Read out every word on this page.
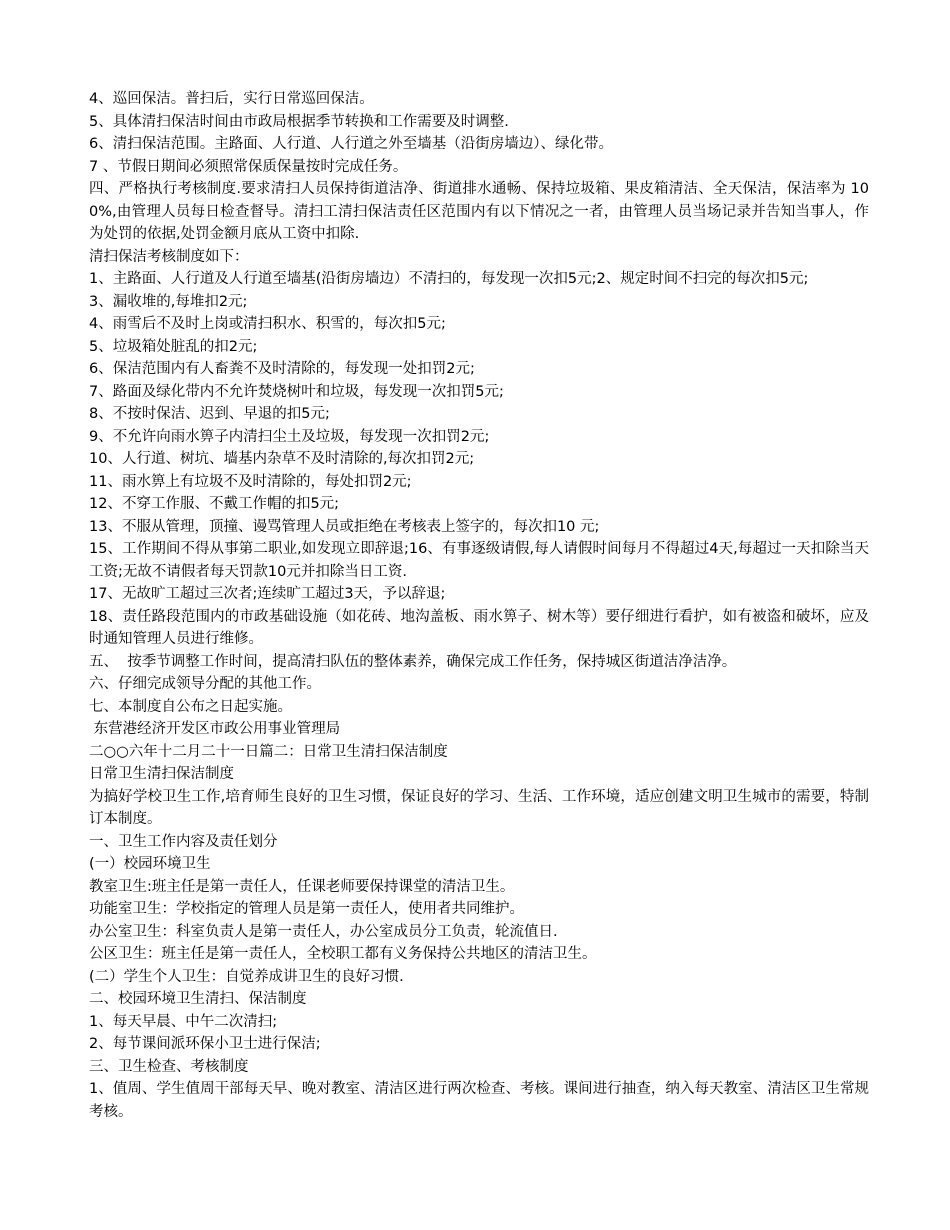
4、巡回保洁。普扫后，实行日常巡回保洁。
5、具体清扫保洁时间由市政局根据季节转换和工作需要及时调整.
6、清扫保洁范围。主路面、人行道、人行道之外至墙基（沿街房墙边）、绿化带。
7 、节假日期间必须照常保质保量按时完成任务。
四、严格执行考核制度.要求清扫人员保持街道洁净、街道排水通畅、保持垃圾箱、果皮箱清洁、全天保洁，保洁率为 100%,由管理人员每日检查督导。清扫工清扫保洁责任区范围内有以下情况之一者，由管理人员当场记录并告知当事人，作为处罚的依据,处罚金额月底从工资中扣除.
清扫保洁考核制度如下：
1、主路面、人行道及人行道至墙基(沿街房墙边）不清扫的，每发现一次扣5元;2、规定时间不扫完的每次扣5元;
3、漏收堆的,每堆扣2元;
4、雨雪后不及时上岗或清扫积水、积雪的，每次扣5元;
5、垃圾箱处脏乱的扣2元;
6、保洁范围内有人畜粪不及时清除的，每发现一处扣罚2元;
7、路面及绿化带内不允许焚烧树叶和垃圾，每发现一次扣罚5元;
8、不按时保洁、迟到、早退的扣5元;
9、不允许向雨水箅子内清扫尘土及垃圾，每发现一次扣罚2元;
10、人行道、树坑、墙基内杂草不及时清除的,每次扣罚2元;
11、雨水箅上有垃圾不及时清除的，每处扣罚2元;
12、不穿工作服、不戴工作帽的扣5元;
13、不服从管理，顶撞、谩骂管理人员或拒绝在考核表上签字的，每次扣10 元;
15、工作期间不得从事第二职业,如发现立即辞退;16、有事逐级请假,每人请假时间每月不得超过4天,每超过一天扣除当天工资;无故不请假者每天罚款10元并扣除当日工资.
17、无故旷工超过三次者;连续旷工超过3天，予以辞退;
18、责任路段范围内的市政基础设施（如花砖、地沟盖板、雨水箅子、树木等）要仔细进行看护，如有被盗和破坏，应及时通知管理人员进行维修。
五、  按季节调整工作时间，提高清扫队伍的整体素养，确保完成工作任务，保持城区街道洁净洁净。
六、仔细完成领导分配的其他工作。
七、本制度自公布之日起实施。
东营港经济开发区市政公用事业管理局
二○○六年十二月二十一日篇二：日常卫生清扫保洁制度
日常卫生清扫保洁制度
为搞好学校卫生工作,培育师生良好的卫生习惯，保证良好的学习、生活、工作环境，适应创建文明卫生城市的需要，特制订本制度。
一、卫生工作内容及责任划分
(一）校园环境卫生
教室卫生:班主任是第一责任人，任课老师要保持课堂的清洁卫生。
功能室卫生：学校指定的管理人员是第一责任人，使用者共同维护。
办公室卫生：科室负责人是第一责任人，办公室成员分工负责，轮流值日.
公区卫生：班主任是第一责任人，全校职工都有义务保持公共地区的清洁卫生。
(二）学生个人卫生：自觉养成讲卫生的良好习惯.
二、校园环境卫生清扫、保洁制度
1、每天早晨、中午二次清扫;
2、每节课间派环保小卫士进行保洁;
三、卫生检查、考核制度
1、值周、学生值周干部每天早、晚对教室、清洁区进行两次检查、考核。课间进行抽查，纳入每天教室、清洁区卫生常规考核。
